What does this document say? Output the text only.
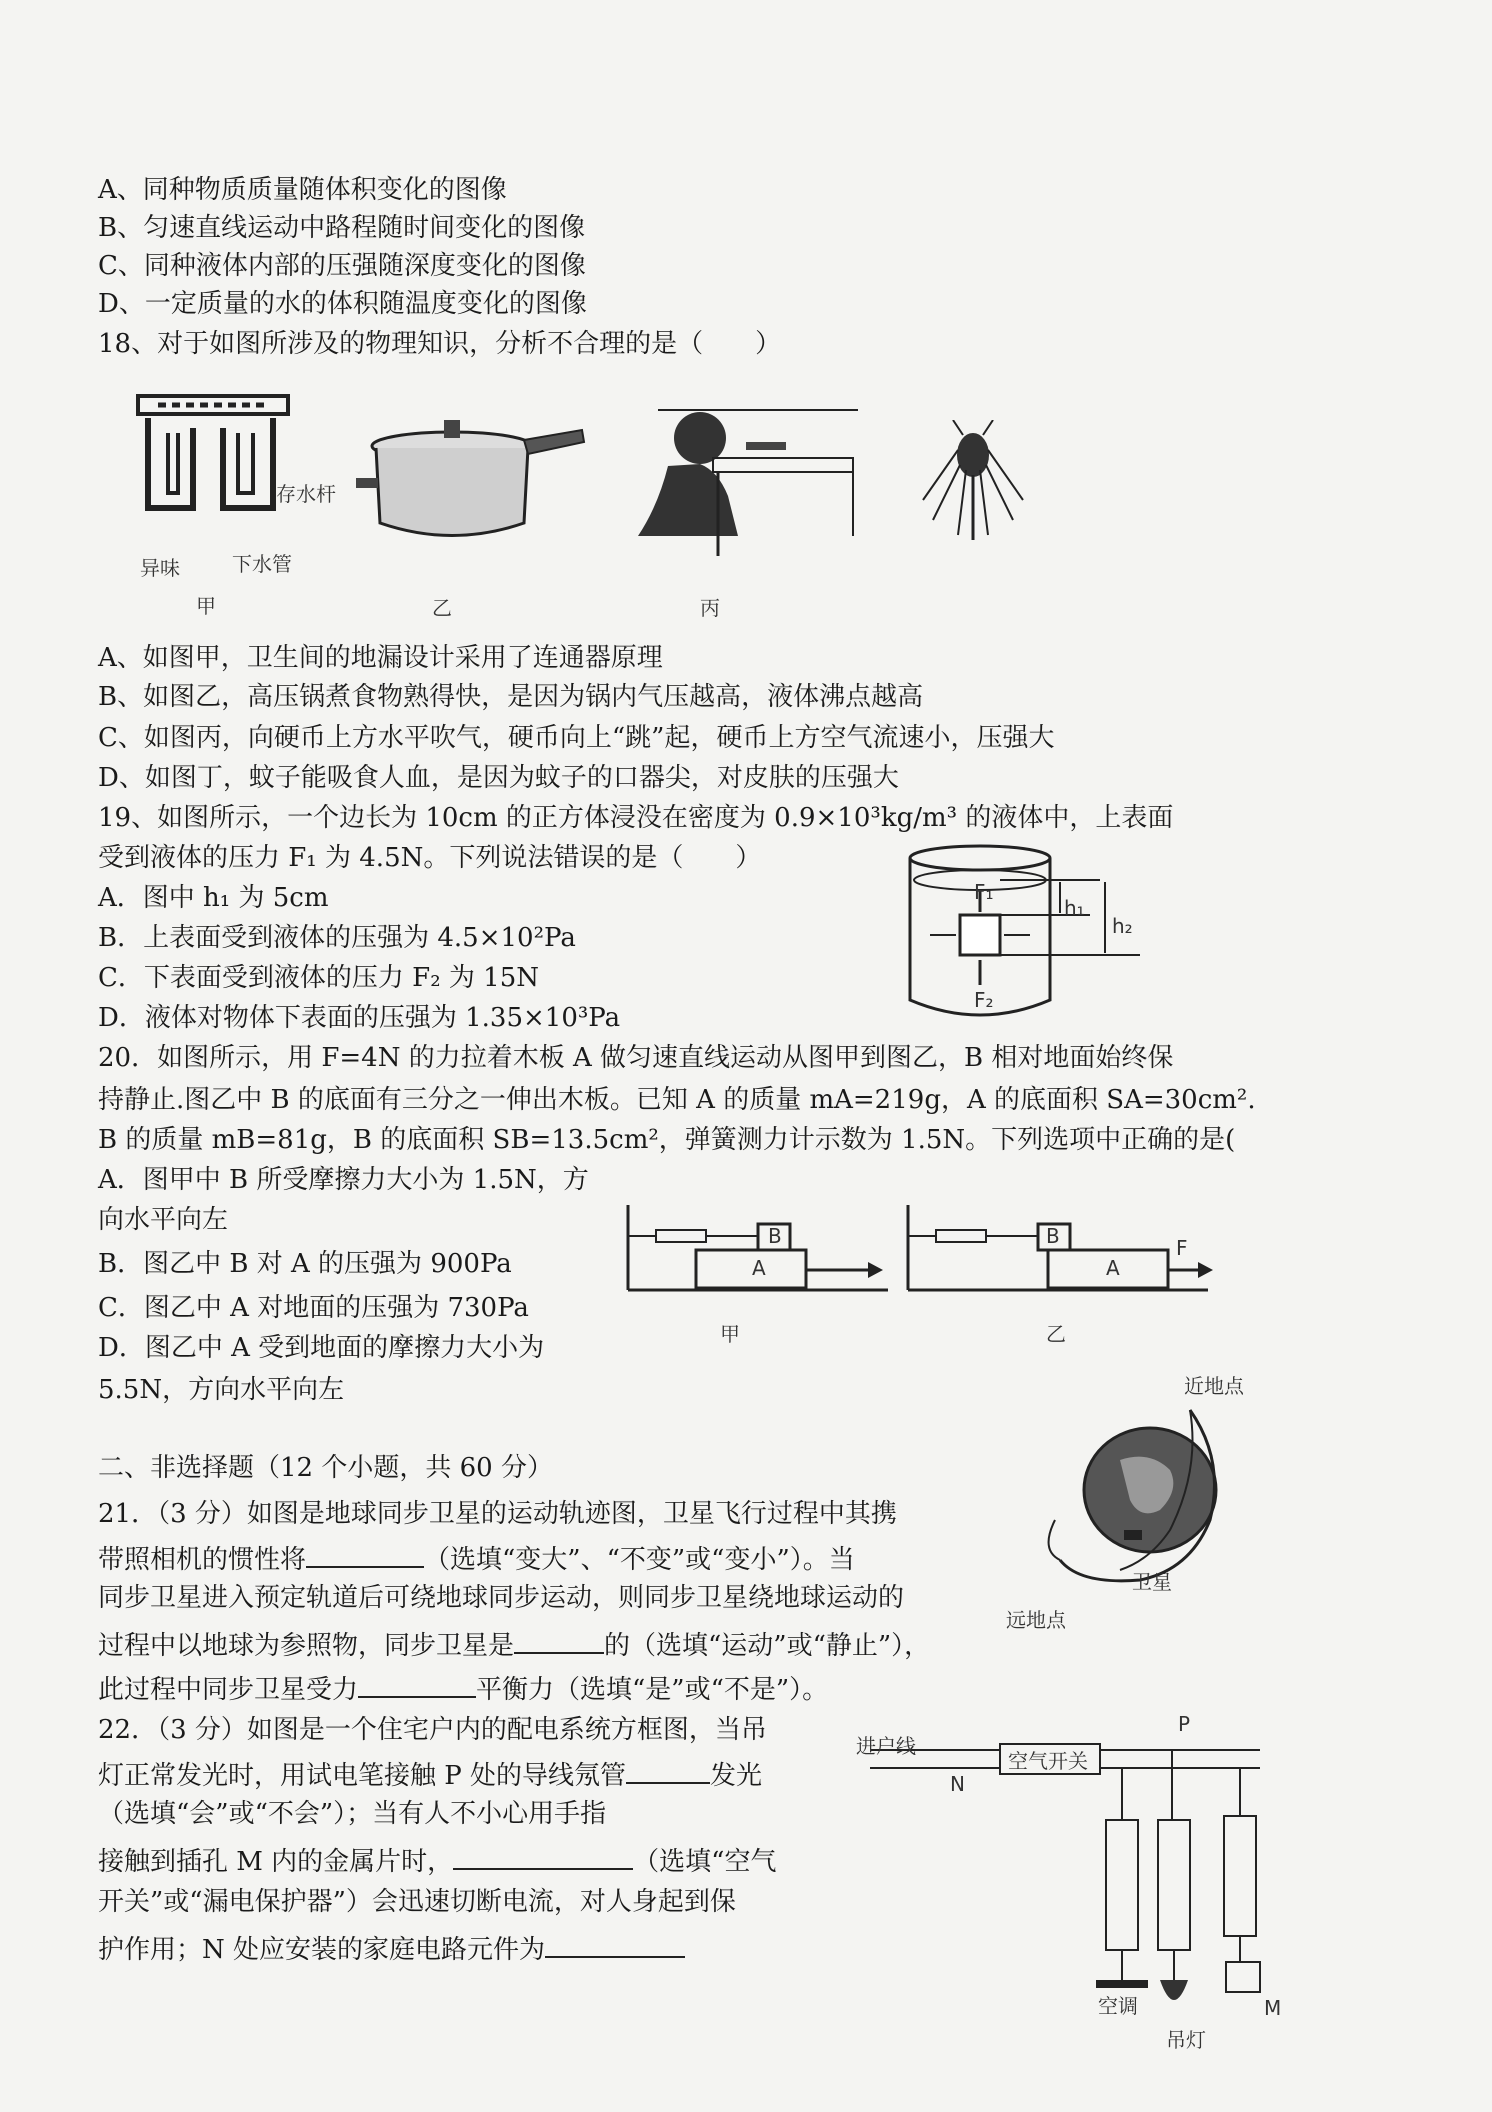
A、同种物质质量随体积变化的图像
B、匀速直线运动中路程随时间变化的图像
C、同种液体内部的压强随深度变化的图像
D、一定质量的水的体积随温度变化的图像
18、对于如图所涉及的物理知识，分析不合理的是（　　）
存水杆
异味	下水管
甲	乙	丙
A、如图甲，卫生间的地漏设计采用了连通器原理
B、如图乙，高压锅煮食物熟得快，是因为锅内气压越高，液体沸点越高
C、如图丙，向硬币上方水平吹气，硬币向上“跳”起，硬币上方空气流速小，压强大
D、如图丁，蚊子能吸食人血，是因为蚊子的口器尖，对皮肤的压强大
19、如图所示，一个边长为 10cm 的正方体浸没在密度为 0.9×10³kg/m³ 的液体中，上表面
受到液体的压力 F₁ 为 4.5N。下列说法错误的是（　　）
A．图中 h₁ 为 5cm
B．上表面受到液体的压强为 4.5×10²Pa
C．下表面受到液体的压力 F₂ 为 15N
D．液体对物体下表面的压强为 1.35×10³Pa
F₁
F₂
h₁
h₂
20．如图所示，用 F=4N 的力拉着木板 A 做匀速直线运动从图甲到图乙，B 相对地面始终保
持静止.图乙中 B 的底面有三分之一伸出木板。已知 A 的质量 mA=219g，A 的底面积 SA=30cm².
B 的质量 mB=81g，B 的底面积 SB=13.5cm²，弹簧测力计示数为 1.5N。下列选项中正确的是(
A．图甲中 B 所受摩擦力大小为 1.5N，方
向水平向左
B．图乙中 B 对 A 的压强为 900Pa
C．图乙中 A 对地面的压强为 730Pa
D．图乙中 A 受到地面的摩擦力大小为
5.5N，方向水平向左
B
A
甲
B
A
F
乙
二、非选择题（12 个小题，共 60 分）
21．（3 分）如图是地球同步卫星的运动轨迹图，卫星飞行过程中其携
带照相机的惯性将	（选填“变大”、“不变”或“变小”）。当
同步卫星进入预定轨道后可绕地球同步运动，则同步卫星绕地球运动的
过程中以地球为参照物，同步卫星是	的（选填“运动”或“静止”），
此过程中同步卫星受力	平衡力（选填“是”或“不是”）。
近地点
远地点
卫星
22．（3 分）如图是一个住宅户内的配电系统方框图，当吊
灯正常发光时，用试电笔接触 P 处的导线氖管	发光
（选填“会”或“不会”）；当有人不小心用手指
接触到插孔 M 内的金属片时，	（选填“空气
开关”或“漏电保护器”）会迅速切断电流，对人身起到保
护作用；N 处应安装的家庭电路元件为
进户线
空气开关
N
P
空调
吊灯
M
